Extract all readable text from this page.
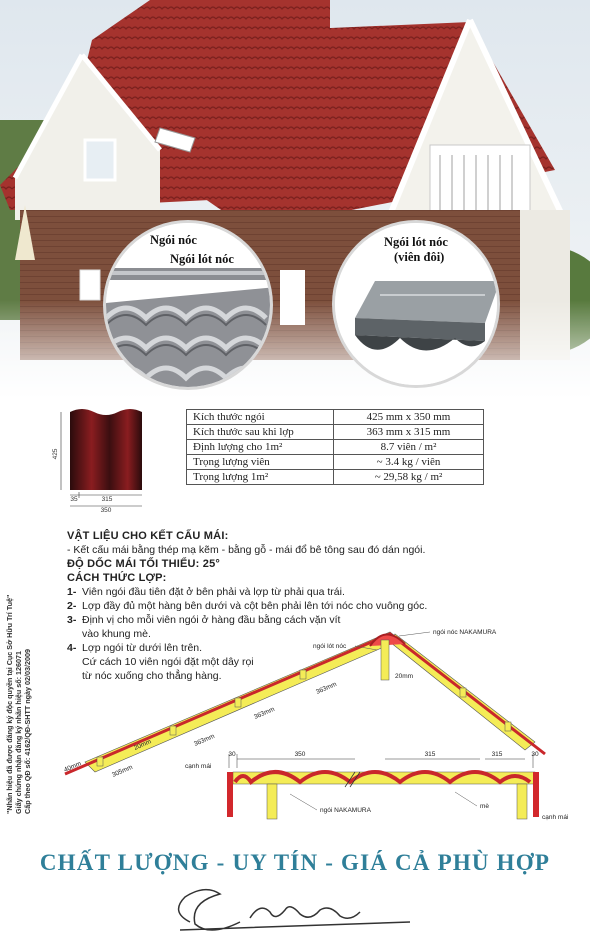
Ngói nóc
Ngói lót nóc
Ngói lót nóc
(viên đôi)
425
35	315
350
Kích thước ngói	425 mm x 350 mm
Kích thước sau khi lợp	363 mm x 315 mm
Định lượng cho 1m²	8.7 viên / m²
Trọng lượng viên	~ 3.4 kg / viên
Trọng lượng 1m²	~ 29,58 kg / m²
VẬT LIỆU CHO KẾT CẤU MÁI:
- Kết cấu mái bằng thép mạ kẽm - bằng gỗ - mái đổ bê tông sau đó dán ngói.
ĐỘ DỐC MÁI TỐI THIỂU: 25°
CÁCH THỨC LỢP:
1- Viên ngói đầu tiên đặt ở bên phải và lợp từ phải qua trái.
2- Lợp đầy đủ một hàng bên dưới và cột bên phải lên tới nóc cho vuông góc.
3- Định vị cho mỗi viên ngói ở hàng đầu bằng cách vặn vít
vào khung mè.
4- Lợp ngói từ dưới lên trên.
Cứ cách 10 viên ngói đặt một dây rọi
từ nóc xuống cho thẳng hàng.
"Nhãn hiệu đã được đăng ký độc quyền tại Cục Sở Hữu Trí Tuệ" Giấy chứng nhận đăng ký nhãn hiệu số: 126071 Cấp theo QĐ số: 4162/QĐ-SHTT ngày 02/03/2009
ngói lót nóc
ngói nóc NAKAMURA
363mm
363mm
363mm
20mm
20mm
305mm
40mm
30	350	315	315	30
cạnh mái
cạnh mái
ngói NAKAMURA
mè
CHẤT LƯỢNG - UY TÍN - GIÁ CẢ PHÙ HỢP
